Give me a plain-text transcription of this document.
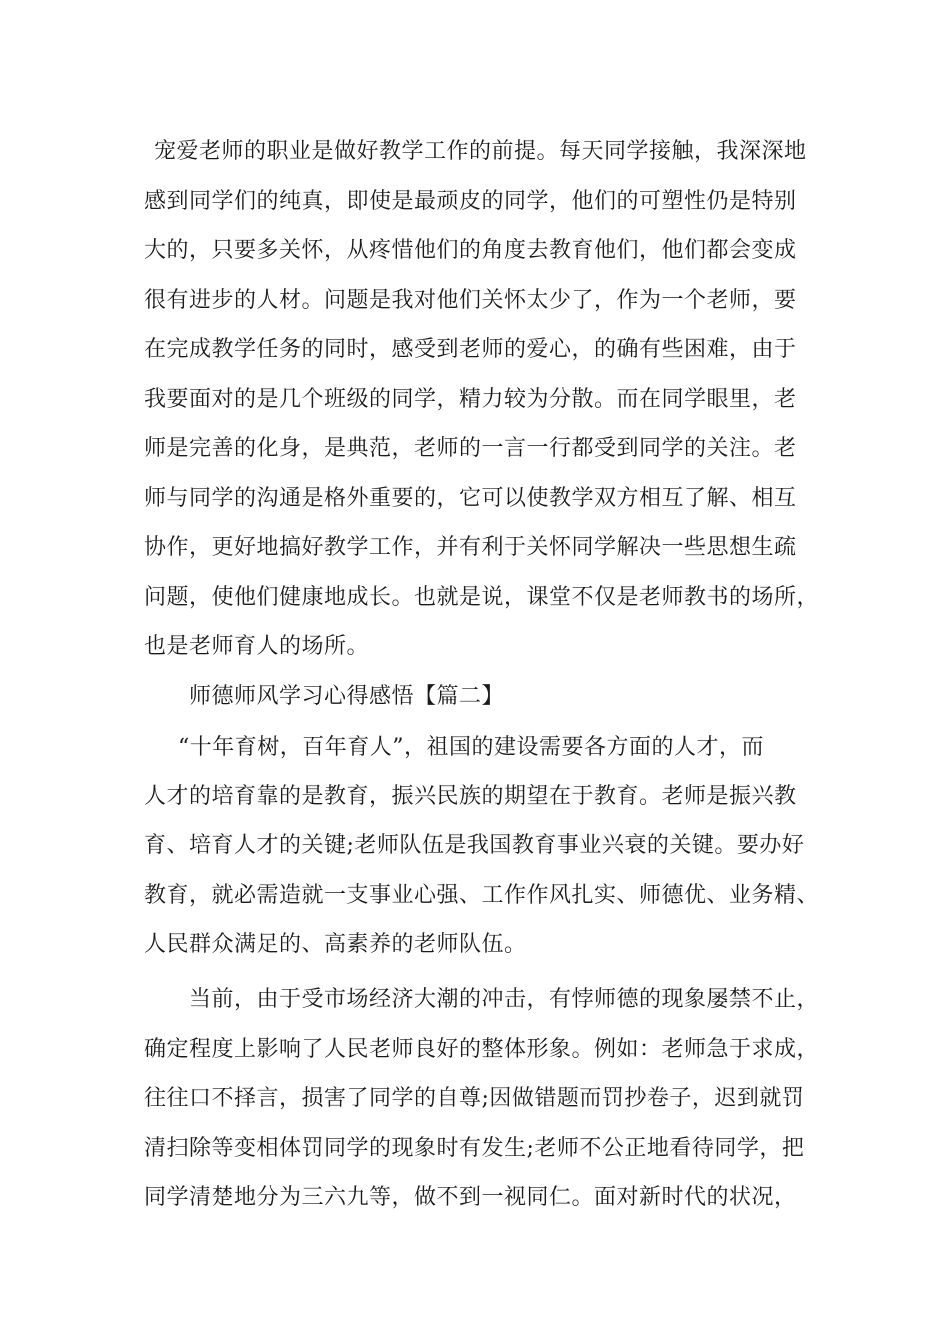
宠爱老师的职业是做好教学工作的前提。每天同学接触，我深深地
感到同学们的纯真，即使是最顽皮的同学，他们的可塑性仍是特别
大的，只要多关怀，从疼惜他们的角度去教育他们，他们都会变成
很有进步的人材。问题是我对他们关怀太少了，作为一个老师，要
在完成教学任务的同时，感受到老师的爱心，的确有些困难，由于
我要面对的是几个班级的同学，精力较为分散。而在同学眼里，老
师是完善的化身，是典范，老师的一言一行都受到同学的关注。老
师与同学的沟通是格外重要的，它可以使教学双方相互了解、相互
协作，更好地搞好教学工作，并有利于关怀同学解决一些思想生疏
问题，使他们健康地成长。也就是说，课堂不仅是老师教书的场所，
也是老师育人的场所。
师德师风学习心得感悟【篇二】
“十年育树，百年育人”，祖国的建设需要各方面的人才，而
人才的培育靠的是教育，振兴民族的期望在于教育。老师是振兴教
育、培育人才的关键;老师队伍是我国教育事业兴衰的关键。要办好
教育，就必需造就一支事业心强、工作作风扎实、师德优、业务精、
人民群众满足的、高素养的老师队伍。
当前，由于受市场经济大潮的冲击，有悖师德的现象屡禁不止，
确定程度上影响了人民老师良好的整体形象。例如：老师急于求成，
往往口不择言，损害了同学的自尊;因做错题而罚抄卷子，迟到就罚
清扫除等变相体罚同学的现象时有发生;老师不公正地看待同学，把
同学清楚地分为三六九等，做不到一视同仁。面对新时代的状况，
